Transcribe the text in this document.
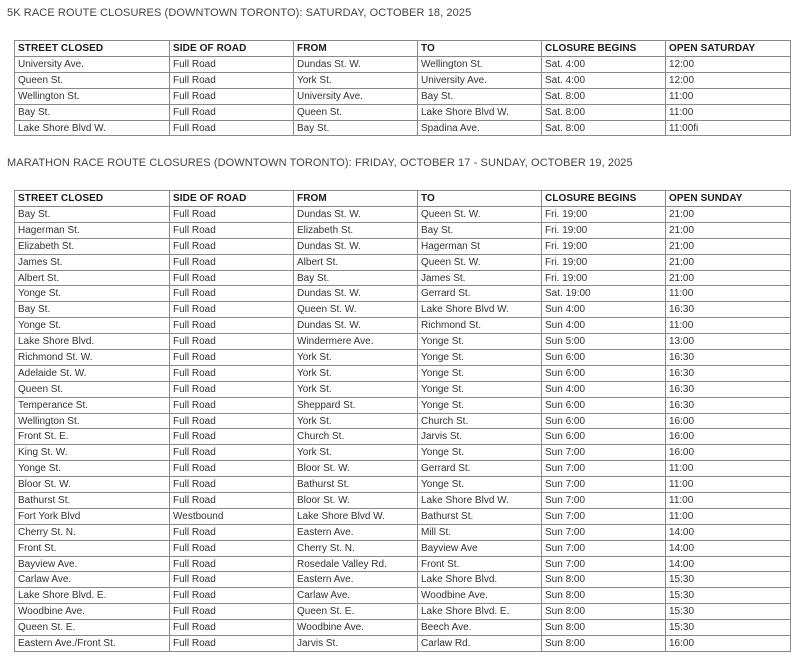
5K RACE ROUTE CLOSURES (DOWNTOWN TORONTO): SATURDAY, OCTOBER 18, 2025
STREET CLOSED	SIDE OF ROAD	FROM	TO	CLOSURE BEGINS	OPEN SATURDAY
University Ave.	Full Road	Dundas St. W.	Wellington St.	Sat. 4:00	12:00
Queen St.	Full Road	York St.	University Ave.	Sat. 4:00	12:00
Wellington St.	Full Road	University Ave.	Bay St.	Sat. 8:00	11:00
Bay St.	Full Road	Queen St.	Lake Shore Blvd W.	Sat. 8:00	11:00
Lake Shore Blvd W.	Full Road	Bay St.	Spadina Ave.	Sat. 8:00	11:00fi
MARATHON RACE ROUTE CLOSURES (DOWNTOWN TORONTO): FRIDAY, OCTOBER 17 - SUNDAY, OCTOBER 19, 2025
STREET CLOSED	SIDE OF ROAD	FROM	TO	CLOSURE BEGINS	OPEN SUNDAY
Bay St.	Full Road	Dundas St. W.	Queen St. W.	Fri. 19:00	21:00
Hagerman St.	Full Road	Elizabeth St.	Bay St.	Fri. 19:00	21:00
Elizabeth St.	Full Road	Dundas St. W.	Hagerman St	Fri. 19:00	21:00
James St.	Full Road	Albert St.	Queen St. W.	Fri. 19:00	21:00
Albert St.	Full Road	Bay St.	James St.	Fri. 19:00	21:00
Yonge St.	Full Road	Dundas St. W.	Gerrard St.	Sat. 19:00	11:00
Bay St.	Full Road	Queen St. W.	Lake Shore Blvd W.	Sun 4:00	16:30
Yonge St.	Full Road	Dundas St. W.	Richmond St.	Sun 4:00	11:00
Lake Shore Blvd.	Full Road	Windermere Ave.	Yonge St.	Sun 5:00	13:00
Richmond St. W.	Full Road	York St.	Yonge St.	Sun 6:00	16:30
Adelaide St. W.	Full Road	York St.	Yonge St.	Sun 6:00	16:30
Queen St.	Full Road	York St.	Yonge St.	Sun 4:00	16:30
Temperance St.	Full Road	Sheppard St.	Yonge St.	Sun 6:00	16:30
Wellington St.	Full Road	York St.	Church St.	Sun 6:00	16:00
Front St. E.	Full Road	Church St.	Jarvis St.	Sun 6:00	16:00
King St. W.	Full Road	York St.	Yonge St.	Sun 7:00	16:00
Yonge St.	Full Road	Bloor St. W.	Gerrard St.	Sun 7:00	11:00
Bloor St. W.	Full Road	Bathurst St.	Yonge St.	Sun 7:00	11:00
Bathurst St.	Full Road	Bloor St. W.	Lake Shore Blvd W.	Sun 7:00	11:00
Fort York Blvd	Westbound	Lake Shore Blvd W.	Bathurst St.	Sun 7:00	11:00
Cherry St. N.	Full Road	Eastern Ave.	Mill St.	Sun 7:00	14:00
Front St.	Full Road	Cherry St. N.	Bayview Ave	Sun 7:00	14:00
Bayview Ave.	Full Road	Rosedale Valley Rd.	Front St.	Sun 7:00	14:00
Carlaw Ave.	Full Road	Eastern Ave.	Lake Shore Blvd.	Sun 8:00	15:30
Lake Shore Blvd. E.	Full Road	Carlaw Ave.	Woodbine Ave.	Sun 8:00	15:30
Woodbine Ave.	Full Road	Queen St. E.	Lake Shore Blvd. E.	Sun 8:00	15:30
Queen St. E.	Full Road	Woodbine Ave.	Beech Ave.	Sun 8:00	15:30
Eastern Ave./Front St.	Full Road	Jarvis St.	Carlaw Rd.	Sun 8:00	16:00
